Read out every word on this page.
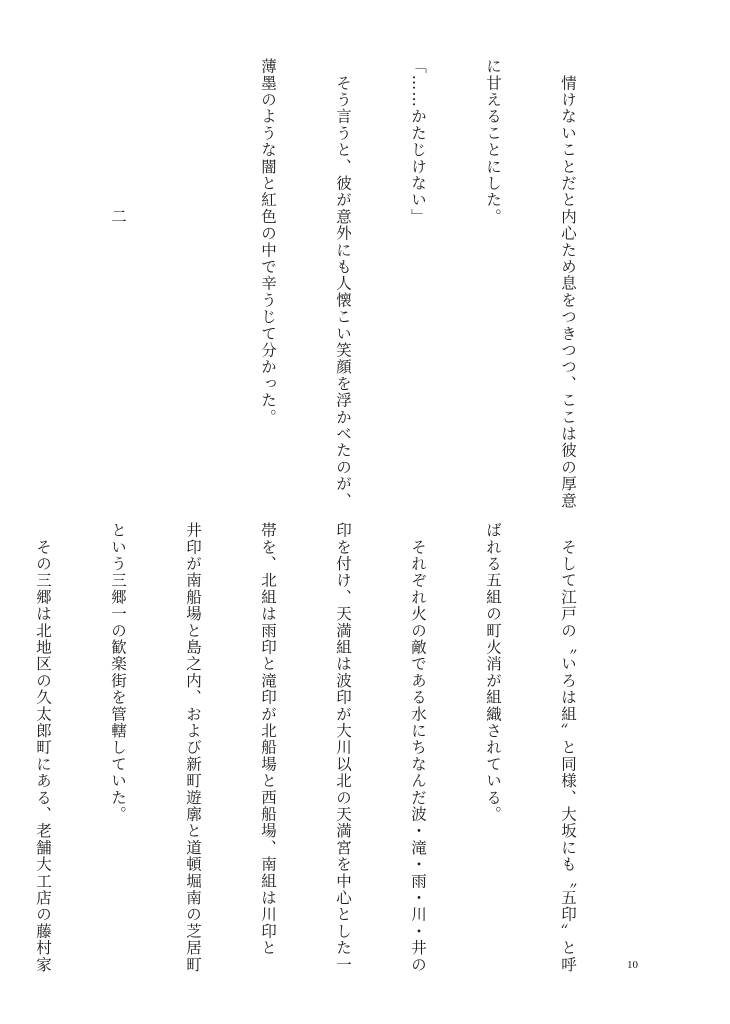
　情けないことだと内心ため息をつきつつ、ここは彼の厚意

に甘えることにした。

「……かたじけない」

　そう言うと、彼が意外にも人懐こい笑顔を浮かべたのが、

薄墨のような闇と紅色の中で辛うじて分かった。

二

　そして江戸の〝いろは組〟と同様、大坂にも〝五印〟と呼

ばれる五組の町火消が組織されている。

　それぞれ火の敵である水にちなんだ波・滝・雨・川・井の

印を付け、天満組は波印が大川以北の天満宮を中心とした一

帯を、北組は雨印と滝印が北船場と西船場、南組は川印と

井印が南船場と島之内、および新町遊廓と道頓堀南の芝居町

という三郷一の歓楽街を管轄していた。

　その三郷は北地区の久太郎町にある、老舗大工店の藤村家

	10
